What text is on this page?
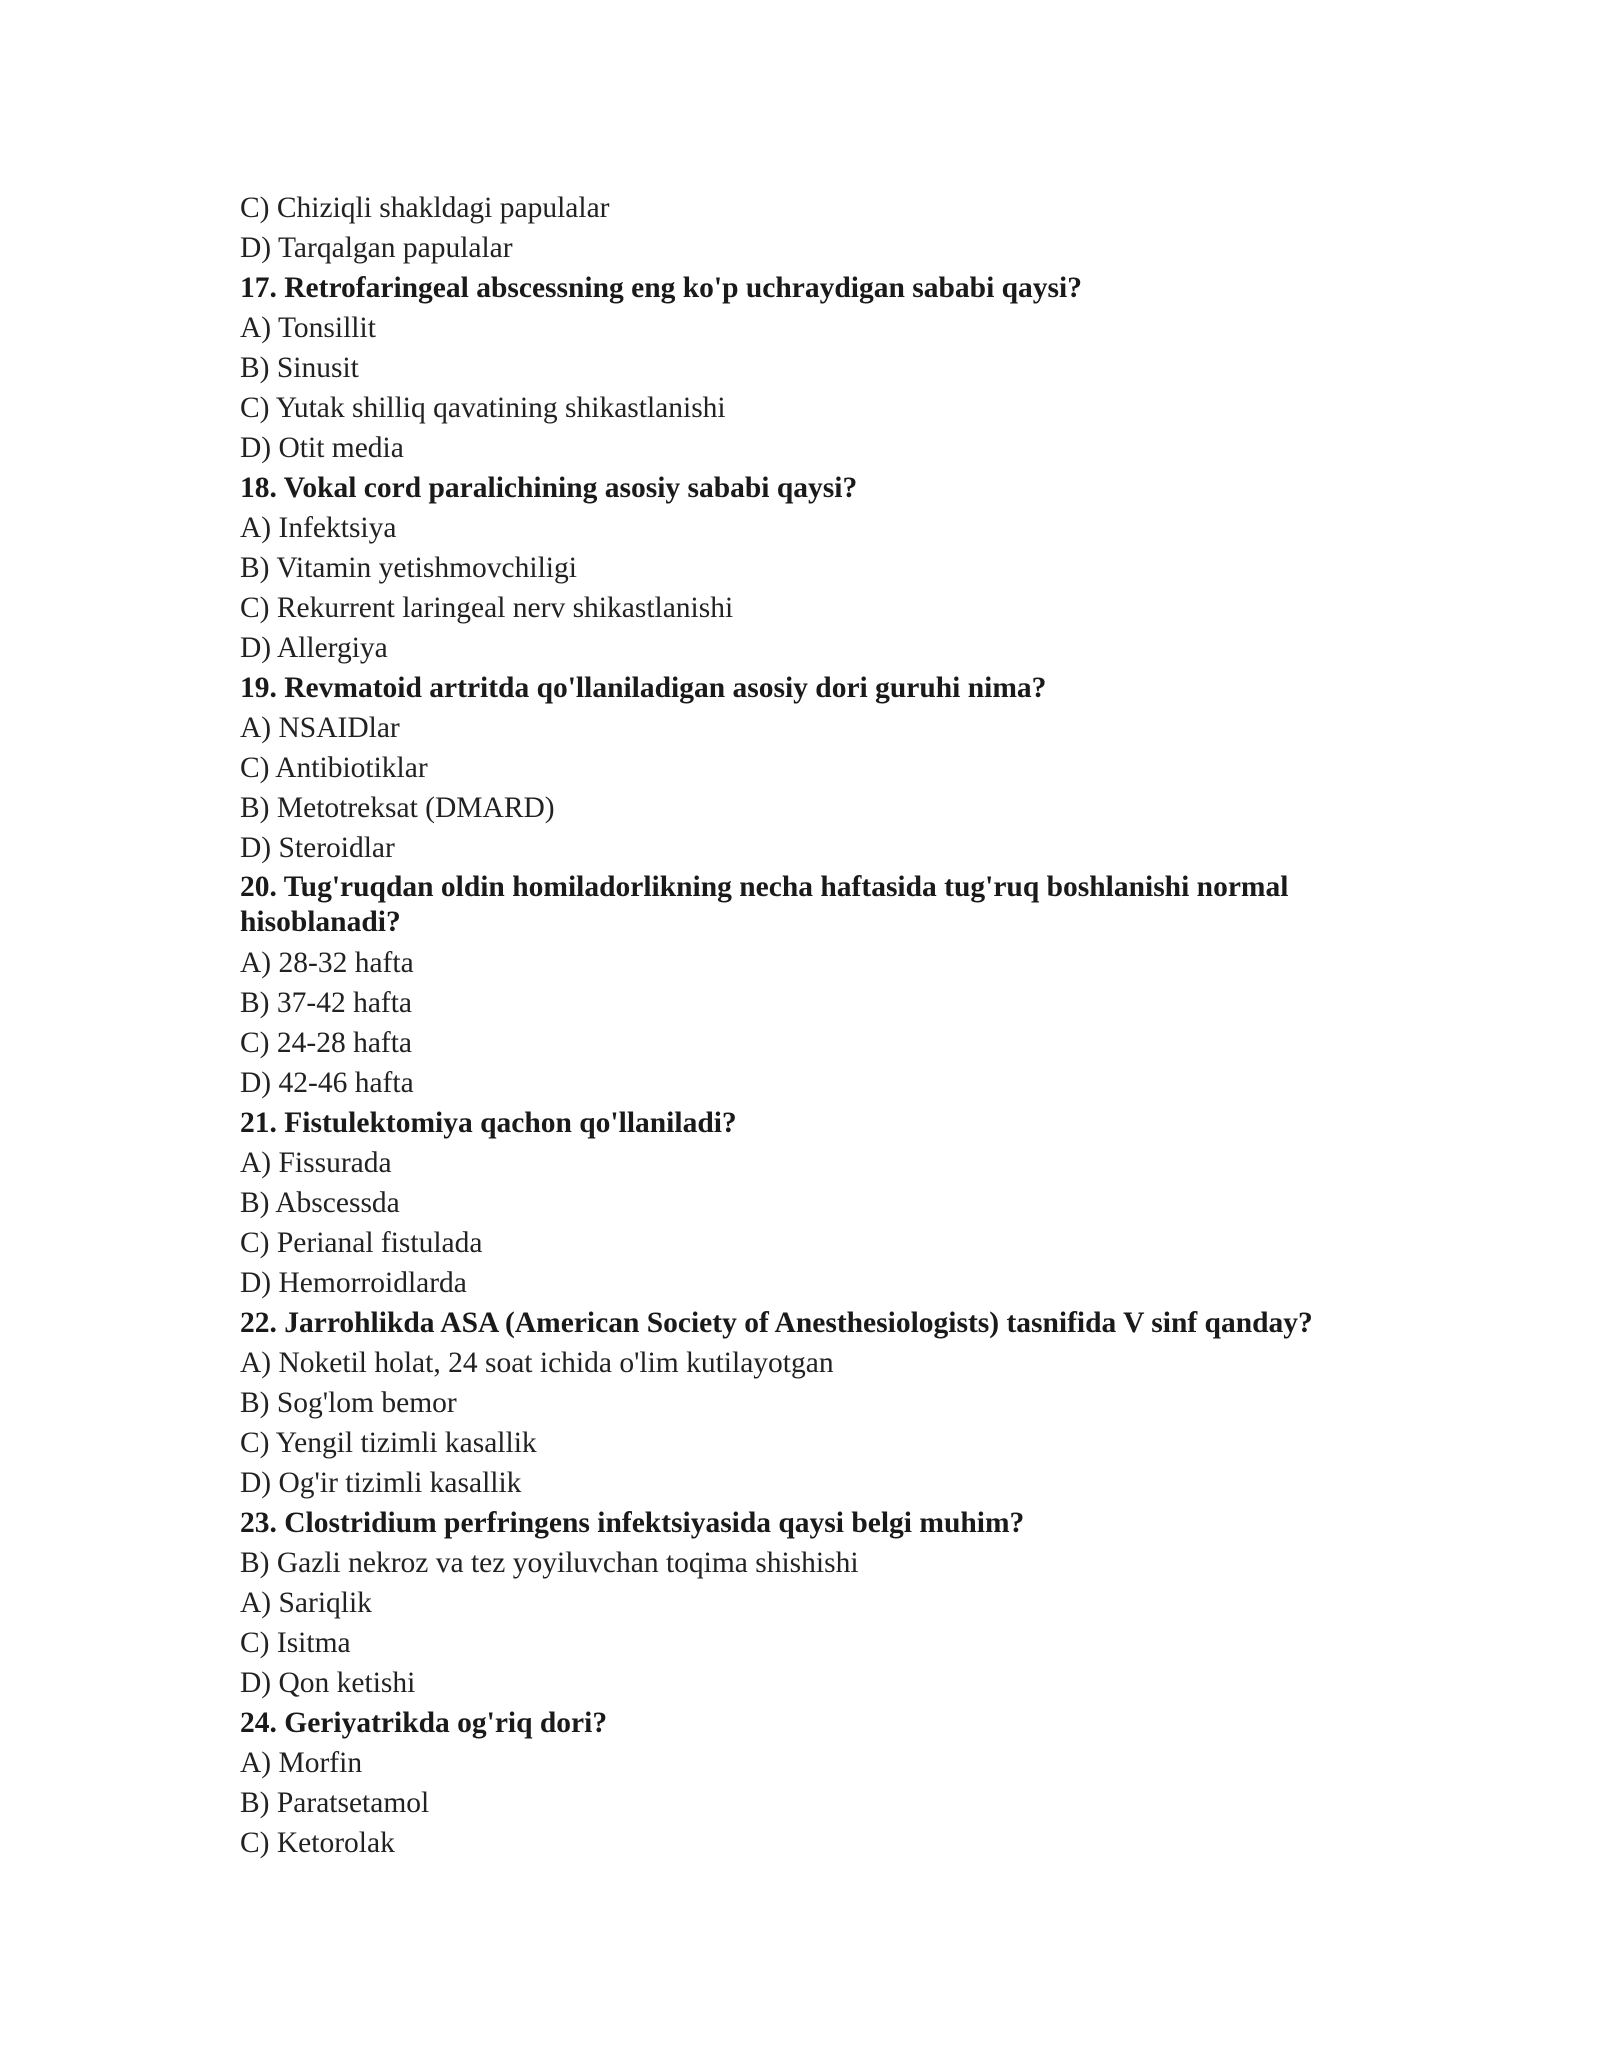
C) Chiziqli shakldagi papulalar

D) Tarqalgan papulalar

17. Retrofaringeal abscessning eng ko'p uchraydigan sababi qaysi?

A) Tonsillit

B) Sinusit

C) Yutak shilliq qavatining shikastlanishi

D) Otit media

18. Vokal cord paralichining asosiy sababi qaysi?

A) Infektsiya

B) Vitamin yetishmovchiligi

C) Rekurrent laringeal nerv shikastlanishi

D) Allergiya

19. Revmatoid artritda qo'llaniladigan asosiy dori guruhi nima?

A) NSAIDlar

C) Antibiotiklar

B) Metotreksat (DMARD)

D) Steroidlar

20. Tug'ruqdan oldin homiladorlikning necha haftasida tug'ruq boshlanishi normal hisoblanadi?

A) 28-32 hafta

B) 37-42 hafta

C) 24-28 hafta

D) 42-46 hafta

21. Fistulektomiya qachon qo'llaniladi?

A) Fissurada

B) Abscessda

C) Perianal fistulada

D) Hemorroidlarda

22. Jarrohlikda ASA (American Society of Anesthesiologists) tasnifida V sinf qanday?

A) Noketil holat, 24 soat ichida o'lim kutilayotgan

B) Sog'lom bemor

C) Yengil tizimli kasallik

D) Og'ir tizimli kasallik

23. Clostridium perfringens infektsiyasida qaysi belgi muhim?

B) Gazli nekroz va tez yoyiluvchan toqima shishishi

A) Sariqlik

C) Isitma

D) Qon ketishi

24. Geriyatrikda og'riq dori?

A) Morfin

B) Paratsetamol

C) Ketorolak
